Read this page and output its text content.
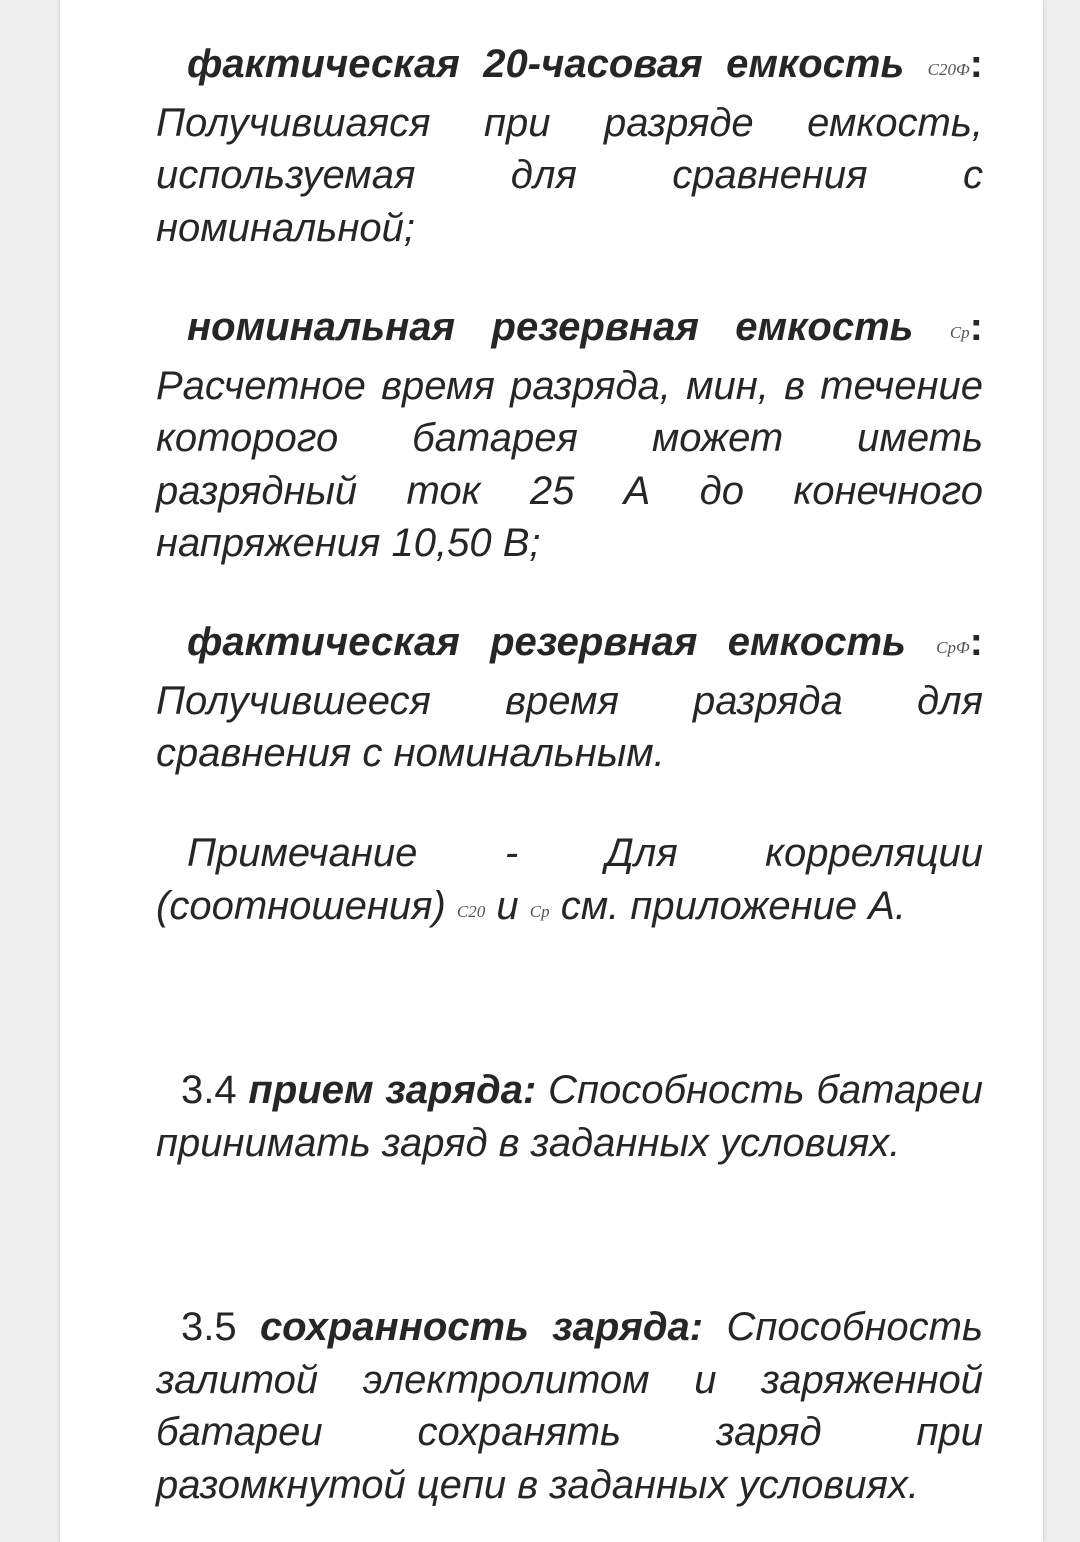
фактическая 20-часовая емкость С20Ф: Получившаяся при разряде емкость, используемая для сравнения с номинальной;

номинальная резервная емкость Ср: Расчетное время разряда, мин, в течение которого батарея может иметь разрядный ток 25 А до конечного напряжения 10,50 В;

фактическая резервная емкость СрФ: Получившееся время разряда для сравнения с номинальным.

Примечание - Для корреляции (соотношения) С20 и Ср см. приложение А.

3.4 прием заряда: Способность батареи принимать заряд в заданных условиях.

3.5 сохранность заряда: Способность залитой электролитом и заряженной батареи сохранять заряд при разомкнутой цепи в заданных условиях.
